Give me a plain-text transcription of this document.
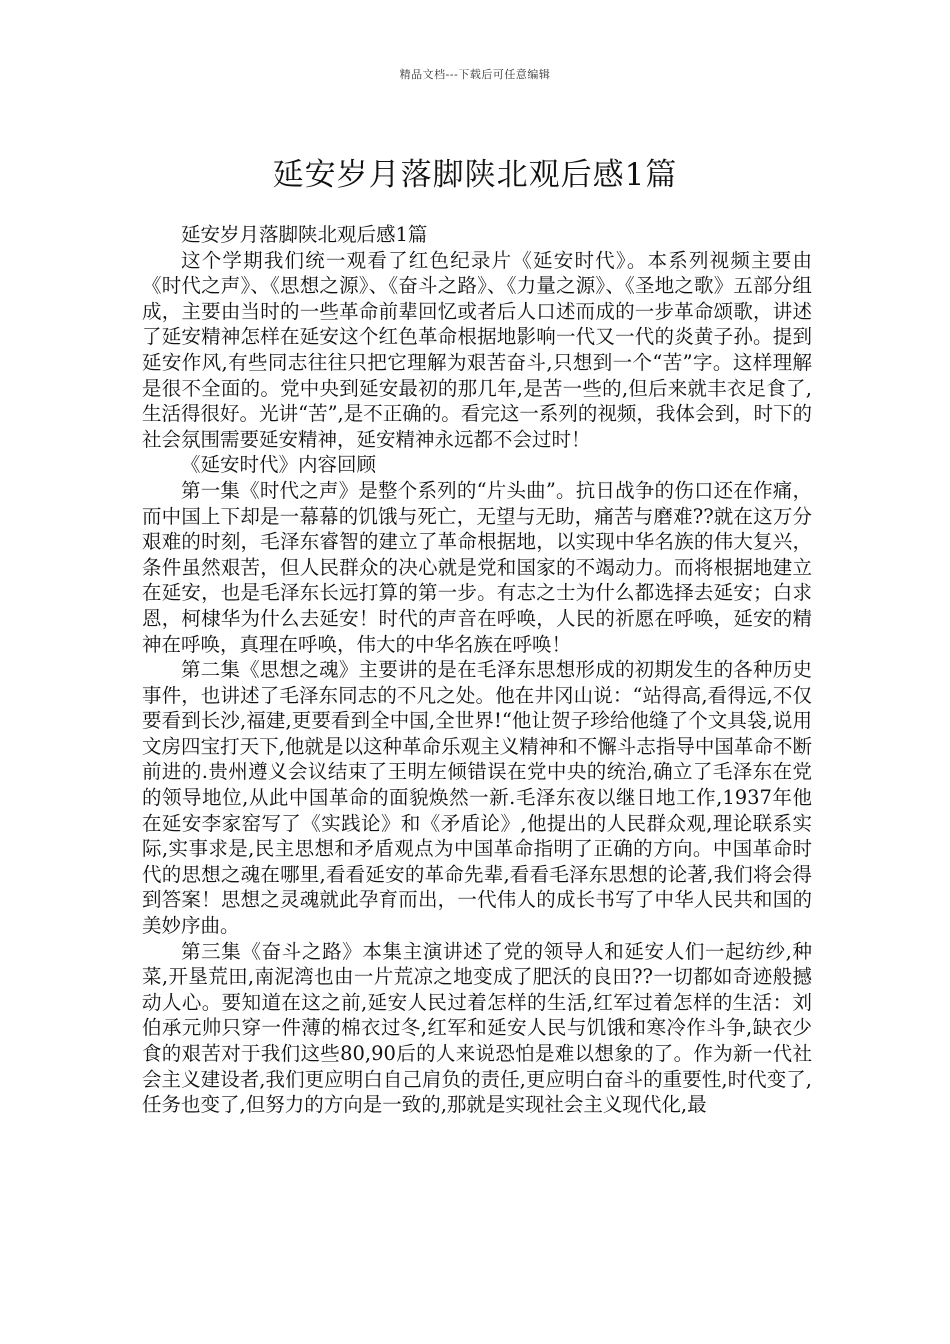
精品文档---下载后可任意编辑
延安岁月落脚陕北观后感1篇

延安岁月落脚陕北观后感1篇

这个学期我们统一观看了红色纪录片《延安时代》。本系列视频主要由《时代之声》、《思想之源》、《奋斗之路》、《力量之源》、《圣地之歌》五部分组成，主要由当时的一些革命前辈回忆或者后人口述而成的一步革命颂歌，讲述了延安精神怎样在延安这个红色革命根据地影响一代又一代的炎黄子孙。提到延安作风,有些同志往往只把它理解为艰苦奋斗,只想到一个“苦”字。这样理解是很不全面的。党中央到延安最初的那几年,是苦一些的,但后来就丰衣足食了,生活得很好。光讲“苦”,是不正确的。看完这一系列的视频，我体会到，时下的社会氛围需要延安精神，延安精神永远都不会过时！

《延安时代》内容回顾

第一集《时代之声》是整个系列的“片头曲”。抗日战争的伤口还在作痛，而中国上下却是一幕幕的饥饿与死亡，无望与无助，痛苦与磨难??就在这万分艰难的时刻，毛泽东睿智的建立了革命根据地，以实现中华名族的伟大复兴，条件虽然艰苦，但人民群众的决心就是党和国家的不竭动力。而将根据地建立在延安，也是毛泽东长远打算的第一步。有志之士为什么都选择去延安；白求恩，柯棣华为什么去延安！时代的声音在呼唤，人民的祈愿在呼唤，延安的精神在呼唤，真理在呼唤，伟大的中华名族在呼唤！

第二集《思想之魂》主要讲的是在毛泽东思想形成的初期发生的各种历史事件，也讲述了毛泽东同志的不凡之处。他在井冈山说：“站得高,看得远,不仅要看到长沙,福建,更要看到全中国,全世界!“他让贺子珍给他缝了个文具袋,说用文房四宝打天下,他就是以这种革命乐观主义精神和不懈斗志指导中国革命不断前进的.贵州遵义会议结束了王明左倾错误在党中央的统治,确立了毛泽东在党的领导地位,从此中国革命的面貌焕然一新.毛泽东夜以继日地工作,1937年他在延安李家窑写了《实践论》和《矛盾论》,他提出的人民群众观,理论联系实际,实事求是,民主思想和矛盾观点为中国革命指明了正确的方向。中国革命时代的思想之魂在哪里,看看延安的革命先辈,看看毛泽东思想的论著,我们将会得到答案！思想之灵魂就此孕育而出，一代伟人的成长书写了中华人民共和国的美妙序曲。

第三集《奋斗之路》本集主演讲述了党的领导人和延安人们一起纺纱,种菜,开垦荒田,南泥湾也由一片荒凉之地变成了肥沃的良田??一切都如奇迹般撼动人心。要知道在这之前,延安人民过着怎样的生活,红军过着怎样的生活：刘伯承元帅只穿一件薄的棉衣过冬,红军和延安人民与饥饿和寒冷作斗争,缺衣少食的艰苦对于我们这些80,90后的人来说恐怕是难以想象的了。作为新一代社会主义建设者,我们更应明白自己肩负的责任,更应明白奋斗的重要性,时代变了,任务也变了,但努力的方向是一致的,那就是实现社会主义现代化,最
